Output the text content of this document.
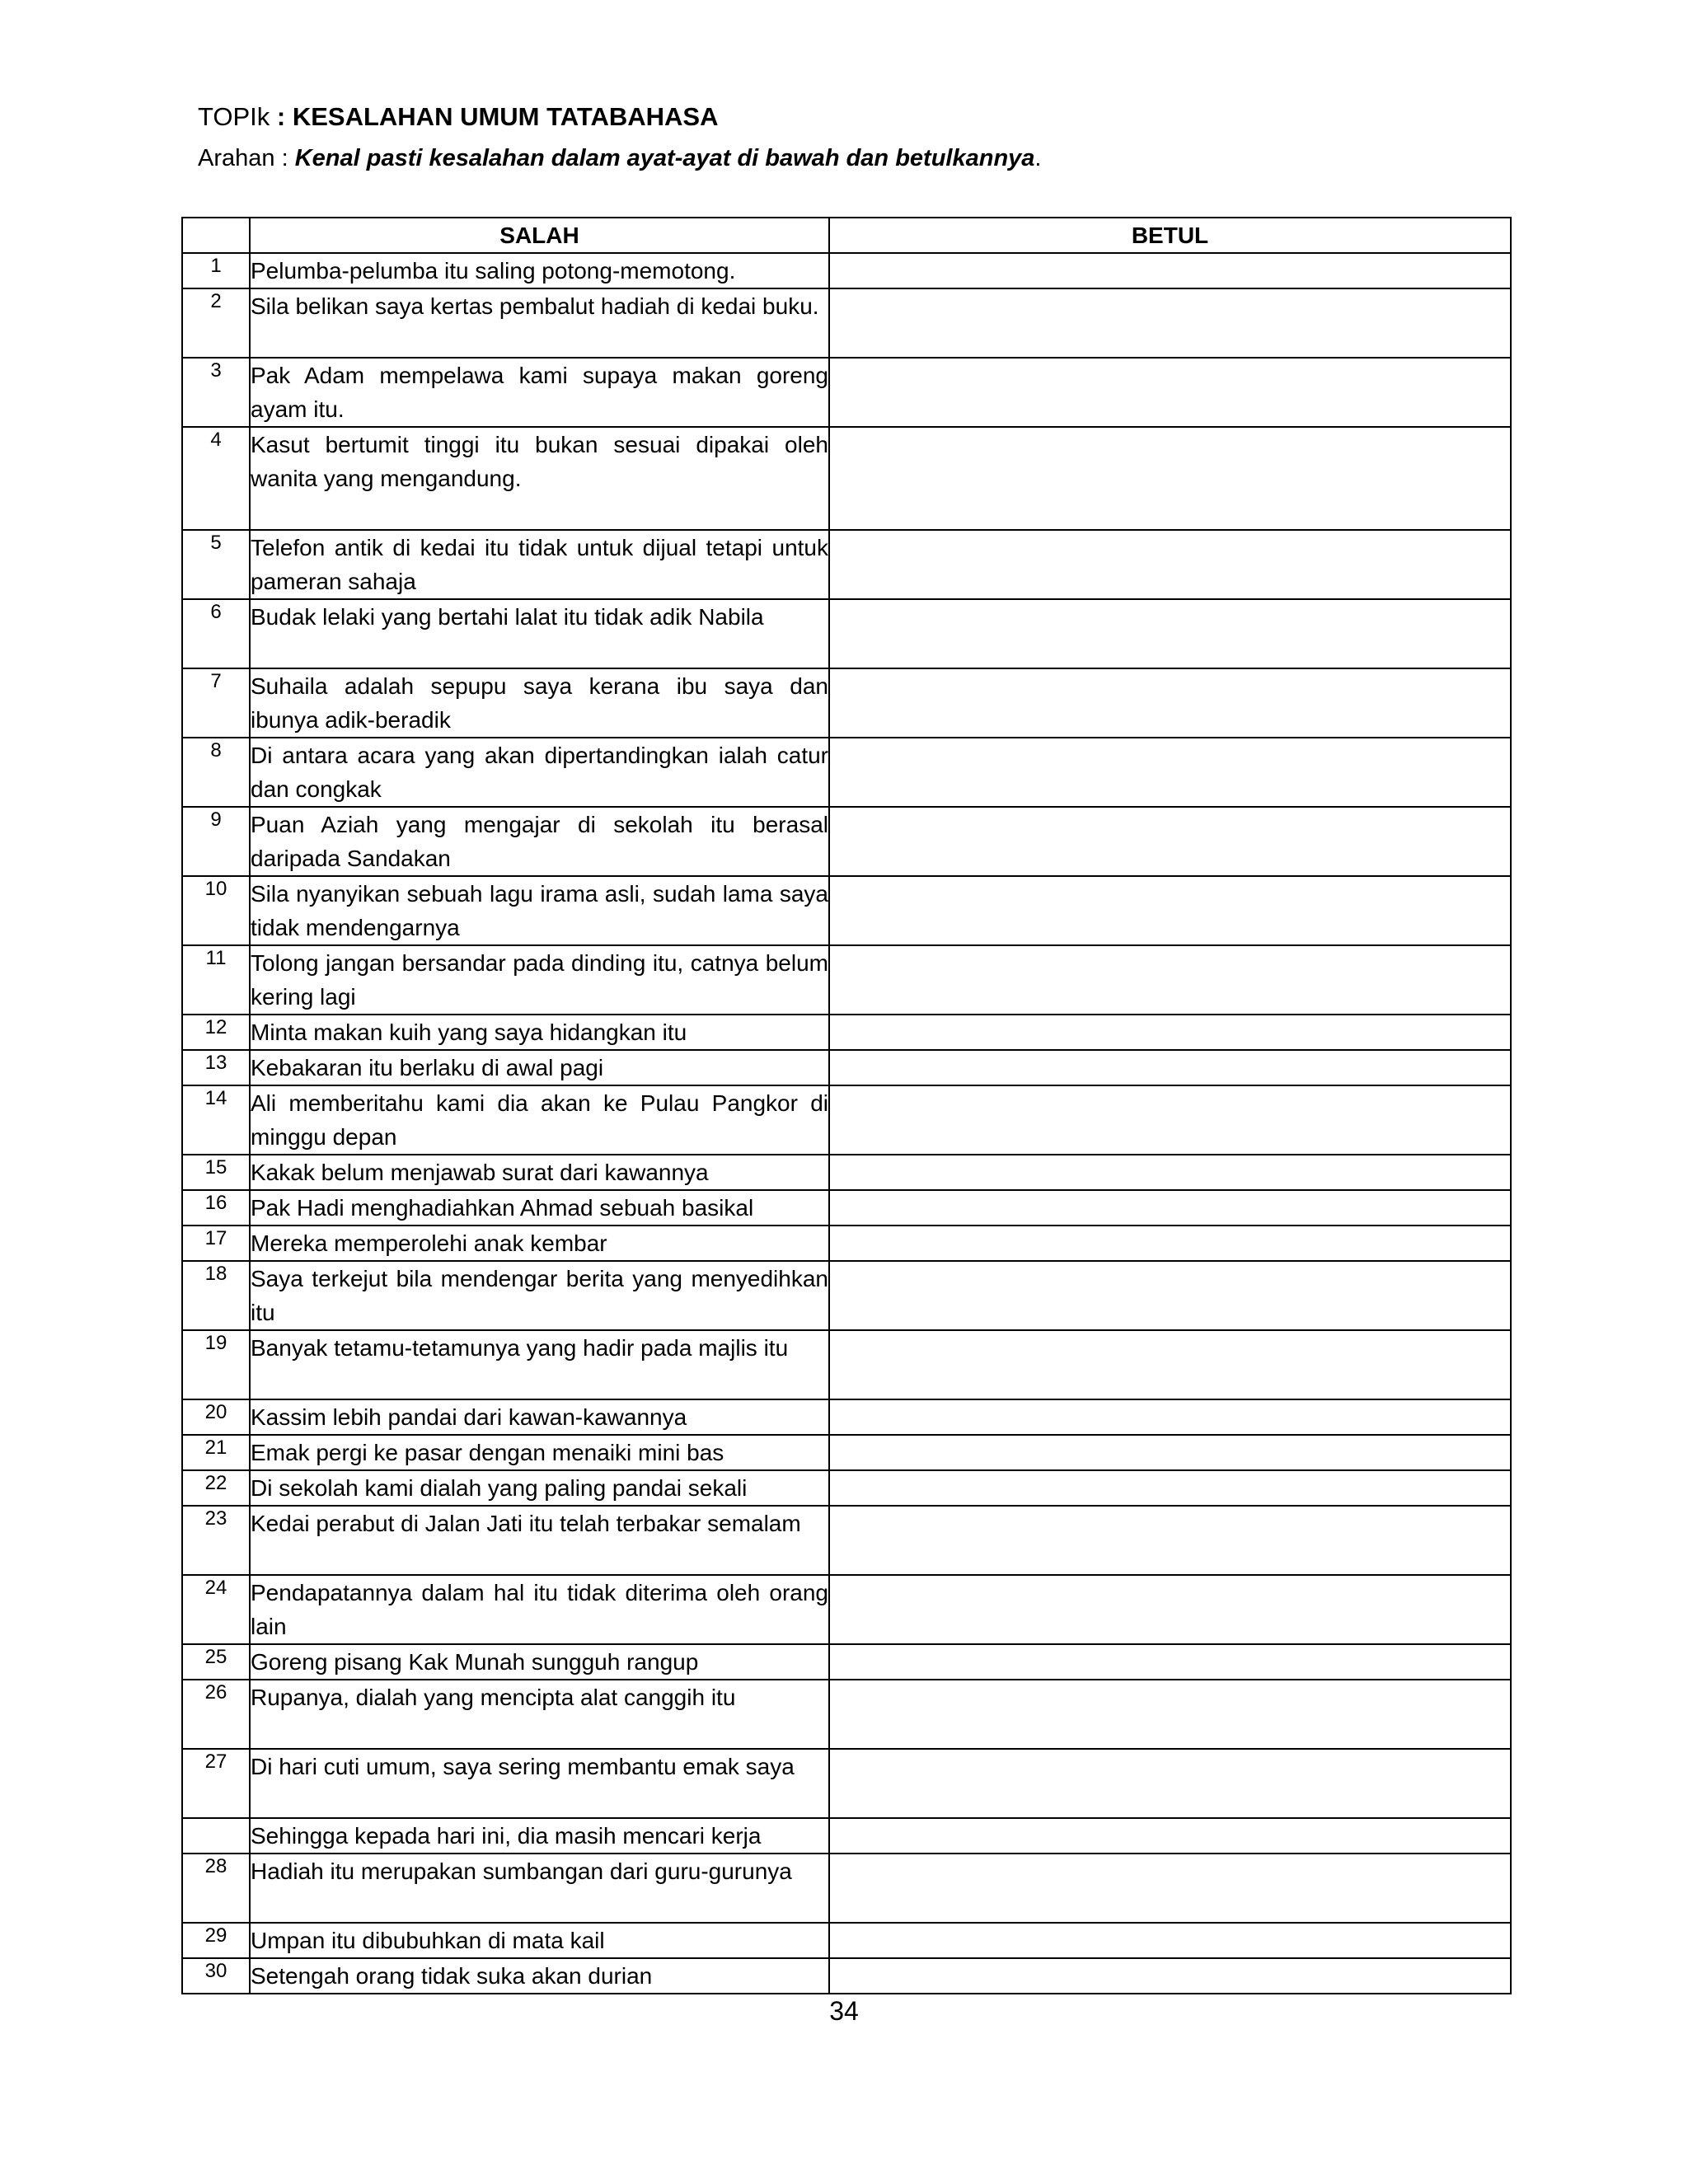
TOPIk : KESALAHAN UMUM TATABAHASA
Arahan : Kenal pasti kesalahan dalam ayat-ayat di bawah dan betulkannya.
	SALAH	BETUL
1	Pelumba-pelumba itu saling potong-memotong.	

2	Sila belikan saya kertas pembalut hadiah di kedai buku.	

3	Pak Adam mempelawa kami supaya makan goreng ayam itu.	

4	Kasut bertumit tinggi itu bukan sesuai dipakai oleh wanita yang mengandung.	

5	Telefon antik di kedai itu tidak untuk dijual tetapi untuk pameran sahaja	

6	Budak lelaki yang bertahi lalat itu tidak adik Nabila	

7	Suhaila adalah sepupu saya kerana ibu saya dan ibunya adik-beradik	

8	Di antara acara yang akan dipertandingkan ialah catur dan congkak	

9	Puan Aziah yang mengajar di sekolah itu berasal daripada Sandakan	

10	Sila nyanyikan sebuah lagu irama asli, sudah lama saya tidak mendengarnya	

11	Tolong jangan bersandar pada dinding itu, catnya belum kering lagi	

12	Minta makan kuih yang saya hidangkan itu	

13	Kebakaran itu berlaku di awal pagi	

14	Ali memberitahu kami dia akan ke Pulau Pangkor di minggu depan	

15	Kakak belum menjawab surat dari kawannya	

16	Pak Hadi menghadiahkan Ahmad sebuah basikal	

17	Mereka memperolehi anak kembar	

18	Saya terkejut bila mendengar berita yang menyedihkan itu	

19	Banyak tetamu-tetamunya yang hadir pada majlis itu	

20	Kassim lebih pandai dari kawan-kawannya	

21	Emak pergi ke pasar dengan menaiki mini bas	

22	Di sekolah kami dialah yang paling pandai sekali	

23	Kedai perabut di Jalan Jati itu telah terbakar semalam	

24	Pendapatannya dalam hal itu tidak diterima oleh orang lain	

25	Goreng pisang Kak Munah sungguh rangup	

26	Rupanya, dialah yang mencipta alat canggih itu	

27	Di hari cuti umum, saya sering membantu emak saya	

	Sehingga kepada hari ini, dia masih mencari kerja	

28	Hadiah itu merupakan sumbangan dari guru-gurunya	

29	Umpan itu dibubuhkan di mata kail	

30	Setengah orang tidak suka akan durian	

34
